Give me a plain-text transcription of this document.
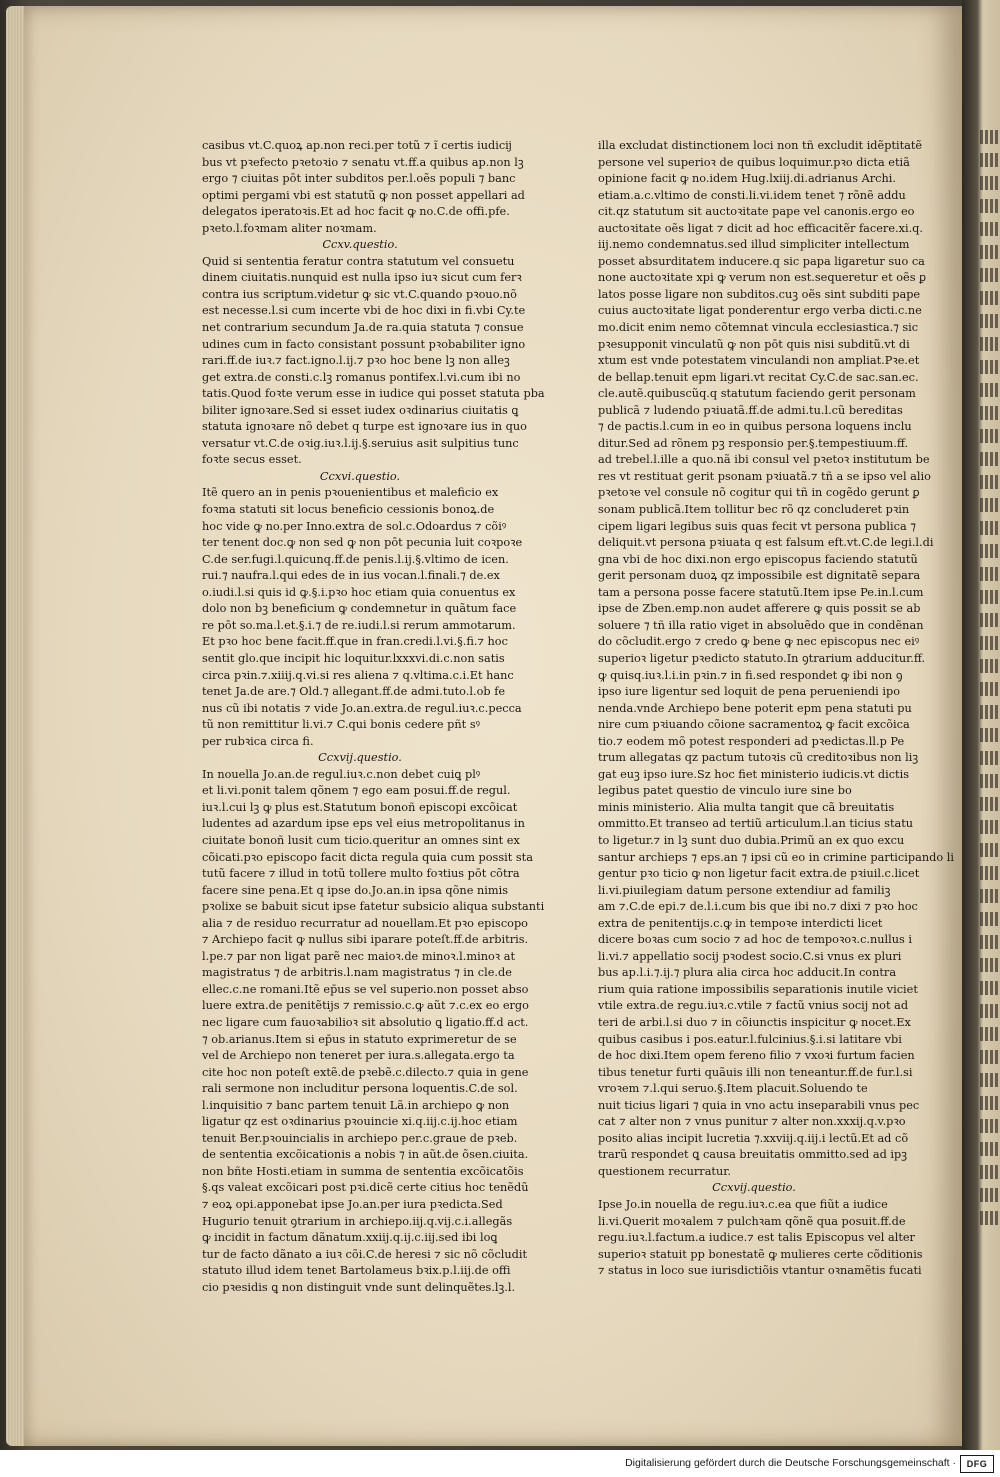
casibus vt.C.quoꝝ ap.non reci.per totũ ⁊ ĩ certis iudicĳ
bus vt pꝛefecto pꝛetoꝛio ⁊ senatu vt.ff.a quibus ap.non lꝫ
ergo ⁊ ciuitas pōt inter subditos per.l.oẽs populi ⁊ banc
optimi pergami vbi est statutũ ꝙ non posset appellari ad
delegatos iperatoꝛis.Et ad hoc facit ꝙ no.C.de offi.pfe.
pꝛeto.l.foꝛmam aliter noꝛmam.

Ccxv.questio.

Quid si sententia feratur contra statutum vel consuetu
dinem ciuitatis.nunquid est nulla ipso iuꝛ sicut cum ferꝛ
contra ius scriptum.videtur ꝙ sic vt.C.quando pꝛouo.nõ
est necesse.l.si cum incerte vbi de hoc dixi in fi.vbi Cy.te
net contrarium secundum Ja.de ra.quia statuta ⁊ consue
udines cum in facto consistant possunt pꝛobabiliter igno
rari.ff.de iuꝛ.⁊ fact.igno.l.ij.⁊ pꝛo hoc bene lꝫ non alleꝫ
get extra.de consti.c.lꝫ romanus pontifex.l.vi.cum ibi no
tatis.Quod foꝛte verum esse in iudice qui posset statuta pba
biliter ignoꝛare.Sed si esset iudex oꝛdinarius ciuitatis ꝗ
statuta ignoꝛare nõ debet q turpe est ignoꝛare ius in quo
versatur vt.C.de oꝛig.iuꝛ.l.ij.§.seruius asit sulpitius tunc
foꝛte secus esset.

Ccxvi.questio.

Itẽ quero an in penis pꝛouenientibus et maleficio ex
foꝛma statuti sit locus beneficio cessionis bonoꝝ.de
hoc vide ꝙ no.per Inno.extra de sol.c.Odoardus ⁊ cõiꝰ
ter tenent doc.ꝙ non sed ꝙ non pōt pecunia luit coꝛpoꝛe
C.de ser.fugi.l.quicunq.ff.de penis.l.ij.§.vltimo de icen.
rui.⁊ naufra.l.qui edes de in ius vocan.l.finali.⁊ de.ex
o.iudi.l.si quis id ꝙ.§.i.pꝛo hoc etiam quia conuentus ex
dolo non bꝫ beneficium ꝙ condemnetur in quãtum face
re pōt so.ma.l.et.§.i.⁊ de re.iudi.l.si rerum ammotarum.
Et pꝛo hoc bene facit.ff.que in fran.credi.l.vi.§.fi.⁊ hoc
sentit glo.que incipit hic loquitur.lxxxvi.di.c.non satis
circa pꝛin.⁊.xiiij.q.vi.si res aliena ⁊ q.vltima.c.i.Et hanc
tenet Ja.de are.⁊ Old.⁊ allegant.ff.de admi.tuto.l.ob fe
nus cũ ibi notatis ⁊ vide Jo.an.extra.de regul.iuꝛ.c.pecca
tũ non remittitur li.vi.⁊ C.qui bonis cedere pñt sꝰ
per rubꝛica circa fi.

Ccxvij.questio.

In nouella Jo.an.de regul.iuꝛ.c.non debet cuiꝗ plꝰ
et li.vi.ponit talem qõnem ⁊ ego eam posui.ff.de regul.
iuꝛ.l.cui lꝫ ꝙ plus est.Statutum bonoñ episcopi excõicat
ludentes ad azardum ipse eps vel eius metropolitanus in
ciuitate bonoñ lusit cum ticio.queritur an omnes sint ex
cõicati.pꝛo episcopo facit dicta regula quia cum possit sta
tutũ facere ⁊ illud in totũ tollere multo foꝛtius pōt cõtra
facere sine pena.Et q ipse do.Jo.an.in ipsa qõne nimis
pꝛolixe se babuit sicut ipse fatetur subsicio aliqua substanti
alia ⁊ de residuo recurratur ad nouellam.Et pꝛo episcopo
⁊ Archiepo facit ꝙ nullus sibi iparare poteſt.ff.de arbitris.
l.pe.⁊ par non ligat parẽ nec maioꝛ.de minoꝛ.l.minoꝛ at
magistratus ⁊ de arbitris.l.nam magistratus ⁊ in cle.de
ellec.c.ne romani.Itẽ ep̄us se vel superio.non posset abso
luere extra.de penitẽtijs ⁊ remissio.c.ꝙ aũt ⁊.c.ex eo ergo
nec ligare cum fauoꝛabilioꝛ sit absolutio ꝗ ligatio.ff.d act.
⁊ ob.arianus.Item si ep̄us in statuto exprimeretur de se
vel de Archiepo non teneret per iura.s.allegata.ergo ta
cite hoc non poteſt extẽ.de pꝛebẽ.c.dilecto.⁊ quia in gene
rali sermone non includitur persona loquentis.C.de sol.
l.inquisitio ⁊ banc partem tenuit Lã.in archiepo ꝙ non
ligatur qz est oꝛdinarius pꝛouincie xi.q.iij.c.ij.hoc etiam
tenuit Ber.pꝛouincialis in archiepo per.c.graue de pꝛeb.
de sententia excõicationis a nobis ⁊ in aũt.de õsen.ciuita.
non bñte Hosti.etiam in summa de sententia excõicatõis
§.qs valeat excõicari post pꝛi.dicẽ certe citius hoc tenẽdũ
⁊ eoꝝ opi.apponebat ipse Jo.an.per iura pꝛedicta.Sed
Hugurio tenuit ꝯtrarium in archiepo.iij.q.vij.c.i.allegãs
ꝙ incidit in factum dãnatum.xxiij.q.ij.c.iij.sed ibi loꝗ
tur de facto dãnato a iuꝛ cõi.C.de heresi ⁊ sic nõ cõcludit
statuto illud idem tenet Bartolameus bꝛix.p.l.iij.de offi
cio pꝛesidis ꝗ non distinguit vnde sunt delinquẽtes.lꝫ.l.

illa excludat distinctionem loci non tñ excludit idẽptitatẽ
persone vel superioꝛ de quibus loquimur.pꝛo dicta etiã
opinione facit ꝙ no.idem Hug.lxiij.di.adrianus Archi.
etiam.a.c.vltimo de consti.li.vi.idem tenet ⁊ rõnẽ addu
cit.qz statutum sit auctoꝛitate pape vel canonis.ergo eo
auctoꝛitate oẽs ligat ⁊ dicit ad hoc efficacitẽr facere.xi.q.
iij.nemo condemnatus.sed illud simpliciter intellectum
posset absurditatem inducere.q sic papa ligaretur suo ca
none auctoꝛitate xpi ꝙ verum non est.sequeretur et oẽs ꝑ
latos posse ligare non subditos.cuꝫ oẽs sint subditi pape
cuius auctoꝛitate ligat ponderentur ergo verba dicti.c.ne
mo.dicit enim nemo cõtemnat vincula ecclesiastica.⁊ sic
pꝛesupponit vinculatũ ꝙ non pōt quis nisi subditũ.vt di
xtum est vnde potestatem vinculandi non ampliat.Pꝛe.et
de bellap.tenuit epm ligari.vt recitat Cy.C.de sac.san.ec.
cle.autẽ.quibuscũq.q statutum faciendo gerit personam
publicã ⁊ ludendo pꝛiuatã.ff.de admi.tu.l.cũ bereditas
⁊ de pactis.l.cum in eo in quibus persona loquens inclu
ditur.Sed ad rõnem pꝫ responsio per.§.tempestiuum.ff.
ad trebel.l.ille a quo.nã ibi consul vel pꝛetoꝛ institutum be
res vt restituat gerit psonam pꝛiuatã.⁊ tñ a se ipso vel alio
pꝛetoꝛe vel consule nõ cogitur qui tñ in cogẽdo gerunt ꝑ
sonam publicã.Item tollitur bec rõ qz concluderet pꝛin
cipem ligari legibus suis quas fecit vt persona publica ⁊
deliquit.vt persona pꝛiuata q est falsum eft.vt.C.de legi.l.di
gna vbi de hoc dixi.non ergo episcopus faciendo statutũ
gerit personam duoꝝ qz impossibile est dignitatẽ separa
tam a persona posse facere statutũ.Item ipse Pe.in.l.cum
ipse de Zben.emp.non audet afferere ꝙ quis possit se ab
soluere ⁊ tñ illa ratio viget in absoluẽdo que in condẽnan
do cõcludit.ergo ⁊ credo ꝙ bene ꝙ nec episcopus nec eiꝰ
superioꝛ ligetur pꝛedicto statuto.In ꝯtrarium adducitur.ff.
ꝙ quisq.iuꝛ.l.i.in pꝛin.⁊ in fi.sed respondet ꝙ ibi non ꝯ
ipso iure ligentur sed loquit de pena perueniendi ipo
nenda.vnde Archiepo bene poterit epm pena statuti pu
nire cum pꝛiuando cõione sacramentoꝝ ꝙ facit excõica
tio.⁊ eodem mõ potest responderi ad pꝛedictas.ll.p Pe
trum allegatas qz pactum tutoꝛis cũ creditoꝛibus non liꝫ
gat euꝫ ipso iure.Sz hoc fiet ministerio iudicis.vt dictis
legibus patet questio de vinculo iure sine bo
minis ministerio. Alia multa tangit que cã breuitatis
ommitto.Et transeo ad tertiũ articulum.l.an ticius statu
to ligetur.⁊ in lꝫ sunt duo dubia.Primũ an ex quo excu
santur archieps ⁊ eps.an ⁊ ipsi cũ eo in crimine participando li
gentur pꝛo ticio ꝙ non ligetur facit extra.de pꝛiuil.c.licet
li.vi.piuilegiam datum persone extendiur ad familiꝫ
am ⁊.C.de epi.⁊ de.l.i.cum bis que ibi no.⁊ dixi ⁊ pꝛo hoc
extra de penitentijs.c.ꝙ in tempoꝛe interdicti licet
dicere boꝛas cum socio ⁊ ad hoc de tempoꝛoꝛ.c.nullus i
li.vi.⁊ appellatio socij pꝛodest socio.C.si vnus ex pluri
bus ap.l.i.⁊.ij.⁊ plura alia circa hoc adducit.In contra
rium quia ratione impossibilis separationis inutile viciet
vtile extra.de regu.iuꝛ.c.vtile ⁊ factũ vnius socij not ad
teri de arbi.l.si duo ⁊ in cõiunctis inspicitur ꝙ nocet.Ex
quibus casibus i pos.eatur.l.fulcinius.§.i.si latitare vbi
de hoc dixi.Item opem fereno filio ⁊ vxoꝛi furtum facien
tibus tenetur furti quãuis illi non teneantur.ff.de fur.l.si
vroꝛem ⁊.l.qui seruo.§.Item placuit.Soluendo te
nuit ticius ligari ⁊ quia in vno actu inseparabili vnus pec
cat ⁊ alter non ⁊ vnus punitur ⁊ alter non.xxxij.q.v.pꝛo
posito alias incipit lucretia ⁊.xxviij.q.iij.i lectũ.Et ad cõ
trarũ respondet ꝗ causa breuitatis ommitto.sed ad ipꝫ
questionem recurratur.

Ccxvij.questio.

Ipse Jo.in nouella de regu.iuꝛ.c.ea que fiũt a iudice
li.vi.Querit moꝛalem ⁊ pulchꝛam qõnẽ qua posuit.ff.de
regu.iuꝛ.l.factum.a iudice.⁊ est talis Episcopus vel alter
superioꝛ statuit pp bonestatẽ ꝙ mulieres certe cõditionis
⁊ status in loco sue iurisdictiõis vtantur oꝛnamẽtis fucati

Digitalisierung gefördert durch die Deutsche Forschungsgemeinschaft ·	DFG
